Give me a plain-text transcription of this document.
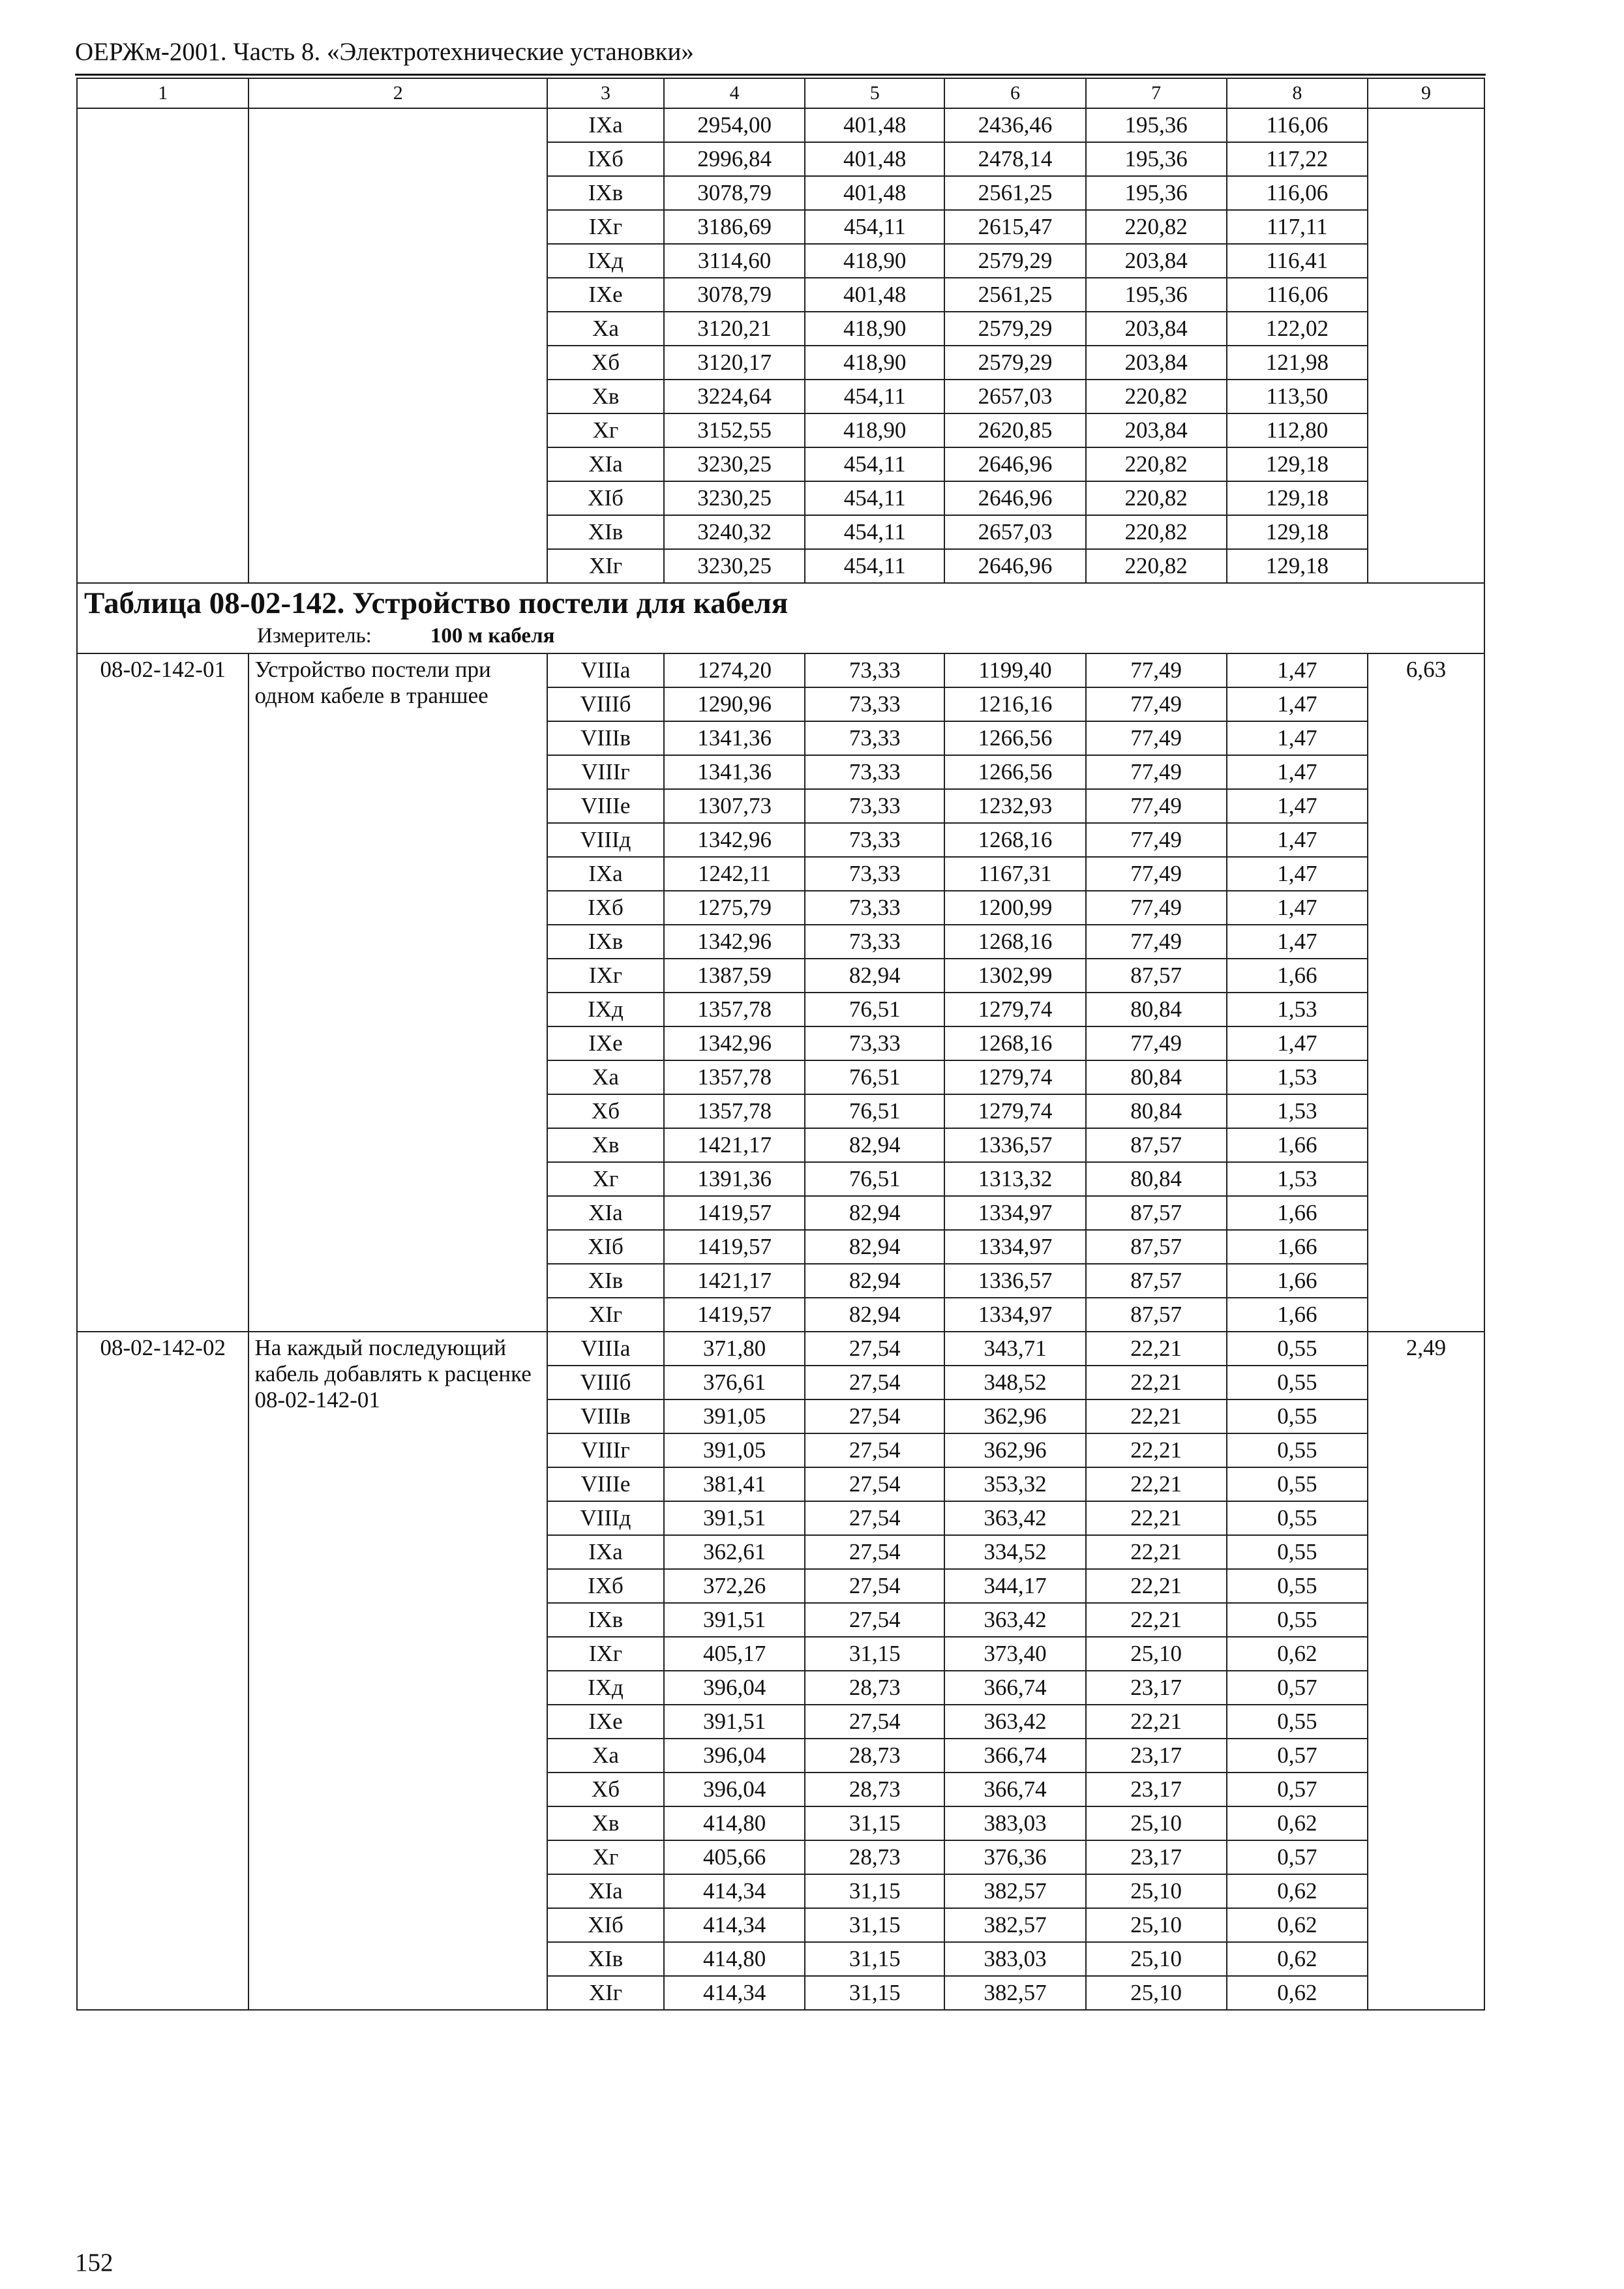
ОЕРЖм-2001. Часть 8. «Электротехнические установки»
1	2	3	4	5	6	7	8	9
		IXа	2954,00	401,48	2436,46	195,36	116,06	
		IXб	2996,84	401,48	2478,14	195,36	117,22	
		IXв	3078,79	401,48	2561,25	195,36	116,06	
		IXг	3186,69	454,11	2615,47	220,82	117,11	
		IXд	3114,60	418,90	2579,29	203,84	116,41	
		IXе	3078,79	401,48	2561,25	195,36	116,06	
		Xа	3120,21	418,90	2579,29	203,84	122,02	
		Xб	3120,17	418,90	2579,29	203,84	121,98	
		Xв	3224,64	454,11	2657,03	220,82	113,50	
		Xг	3152,55	418,90	2620,85	203,84	112,80	
		XIа	3230,25	454,11	2646,96	220,82	129,18	
		XIб	3230,25	454,11	2646,96	220,82	129,18	
		XIв	3240,32	454,11	2657,03	220,82	129,18	
		XIг	3230,25	454,11	2646,96	220,82	129,18	

Таблица 08-02-142. Устройство постели для кабеля
Измеритель: 100 м кабеля								

08-02-142-01	Устройство постели при одном кабеле в траншее	VIIIа	1274,20	73,33	1199,40	77,49	1,47	6,63
		VIIIб	1290,96	73,33	1216,16	77,49	1,47	
		VIIIв	1341,36	73,33	1266,56	77,49	1,47	
		VIIIг	1341,36	73,33	1266,56	77,49	1,47	
		VIIIе	1307,73	73,33	1232,93	77,49	1,47	
		VIIIд	1342,96	73,33	1268,16	77,49	1,47	
		IXа	1242,11	73,33	1167,31	77,49	1,47	
		IXб	1275,79	73,33	1200,99	77,49	1,47	
		IXв	1342,96	73,33	1268,16	77,49	1,47	
		IXг	1387,59	82,94	1302,99	87,57	1,66	
		IXд	1357,78	76,51	1279,74	80,84	1,53	
		IXе	1342,96	73,33	1268,16	77,49	1,47	
		Xа	1357,78	76,51	1279,74	80,84	1,53	
		Xб	1357,78	76,51	1279,74	80,84	1,53	
		Xв	1421,17	82,94	1336,57	87,57	1,66	
		Xг	1391,36	76,51	1313,32	80,84	1,53	
		XIа	1419,57	82,94	1334,97	87,57	1,66	
		XIб	1419,57	82,94	1334,97	87,57	1,66	
		XIв	1421,17	82,94	1336,57	87,57	1,66	
		XIг	1419,57	82,94	1334,97	87,57	1,66	
08-02-142-02	На каждый последующий кабель добавлять к расценке 08-02-142-01	VIIIа	371,80	27,54	343,71	22,21	0,55	2,49
		VIIIб	376,61	27,54	348,52	22,21	0,55	
		VIIIв	391,05	27,54	362,96	22,21	0,55	
		VIIIг	391,05	27,54	362,96	22,21	0,55	
		VIIIе	381,41	27,54	353,32	22,21	0,55	
		VIIIд	391,51	27,54	363,42	22,21	0,55	
		IXа	362,61	27,54	334,52	22,21	0,55	
		IXб	372,26	27,54	344,17	22,21	0,55	
		IXв	391,51	27,54	363,42	22,21	0,55	
		IXг	405,17	31,15	373,40	25,10	0,62	
		IXд	396,04	28,73	366,74	23,17	0,57	
		IXе	391,51	27,54	363,42	22,21	0,55	
		Xа	396,04	28,73	366,74	23,17	0,57	
		Xб	396,04	28,73	366,74	23,17	0,57	
		Xв	414,80	31,15	383,03	25,10	0,62	
		Xг	405,66	28,73	376,36	23,17	0,57	
		XIа	414,34	31,15	382,57	25,10	0,62	
		XIб	414,34	31,15	382,57	25,10	0,62	
		XIв	414,80	31,15	383,03	25,10	0,62	
		XIг	414,34	31,15	382,57	25,10	0,62	
152
